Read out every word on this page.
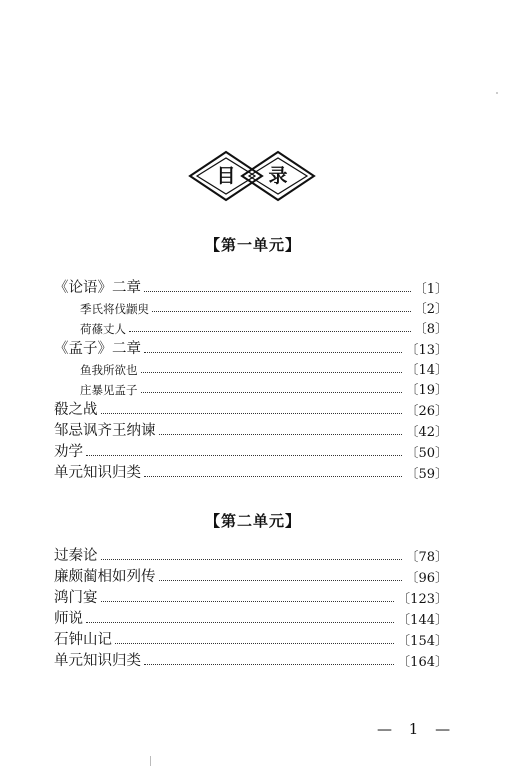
目 录
【第一单元】
《论语》二章	〔1〕
季氏将伐颛臾	〔2〕
荷蓧丈人	〔8〕
《孟子》二章	〔13〕
鱼我所欲也	〔14〕
庄暴见孟子	〔19〕
殽之战	〔26〕
邹忌讽齐王纳谏	〔42〕
劝学	〔50〕
单元知识归类	〔59〕
【第二单元】
过秦论	〔78〕
廉颇蔺相如列传	〔96〕
鸿门宴	〔123〕
师说	〔144〕
石钟山记	〔154〕
单元知识归类	〔164〕
— 1 —
